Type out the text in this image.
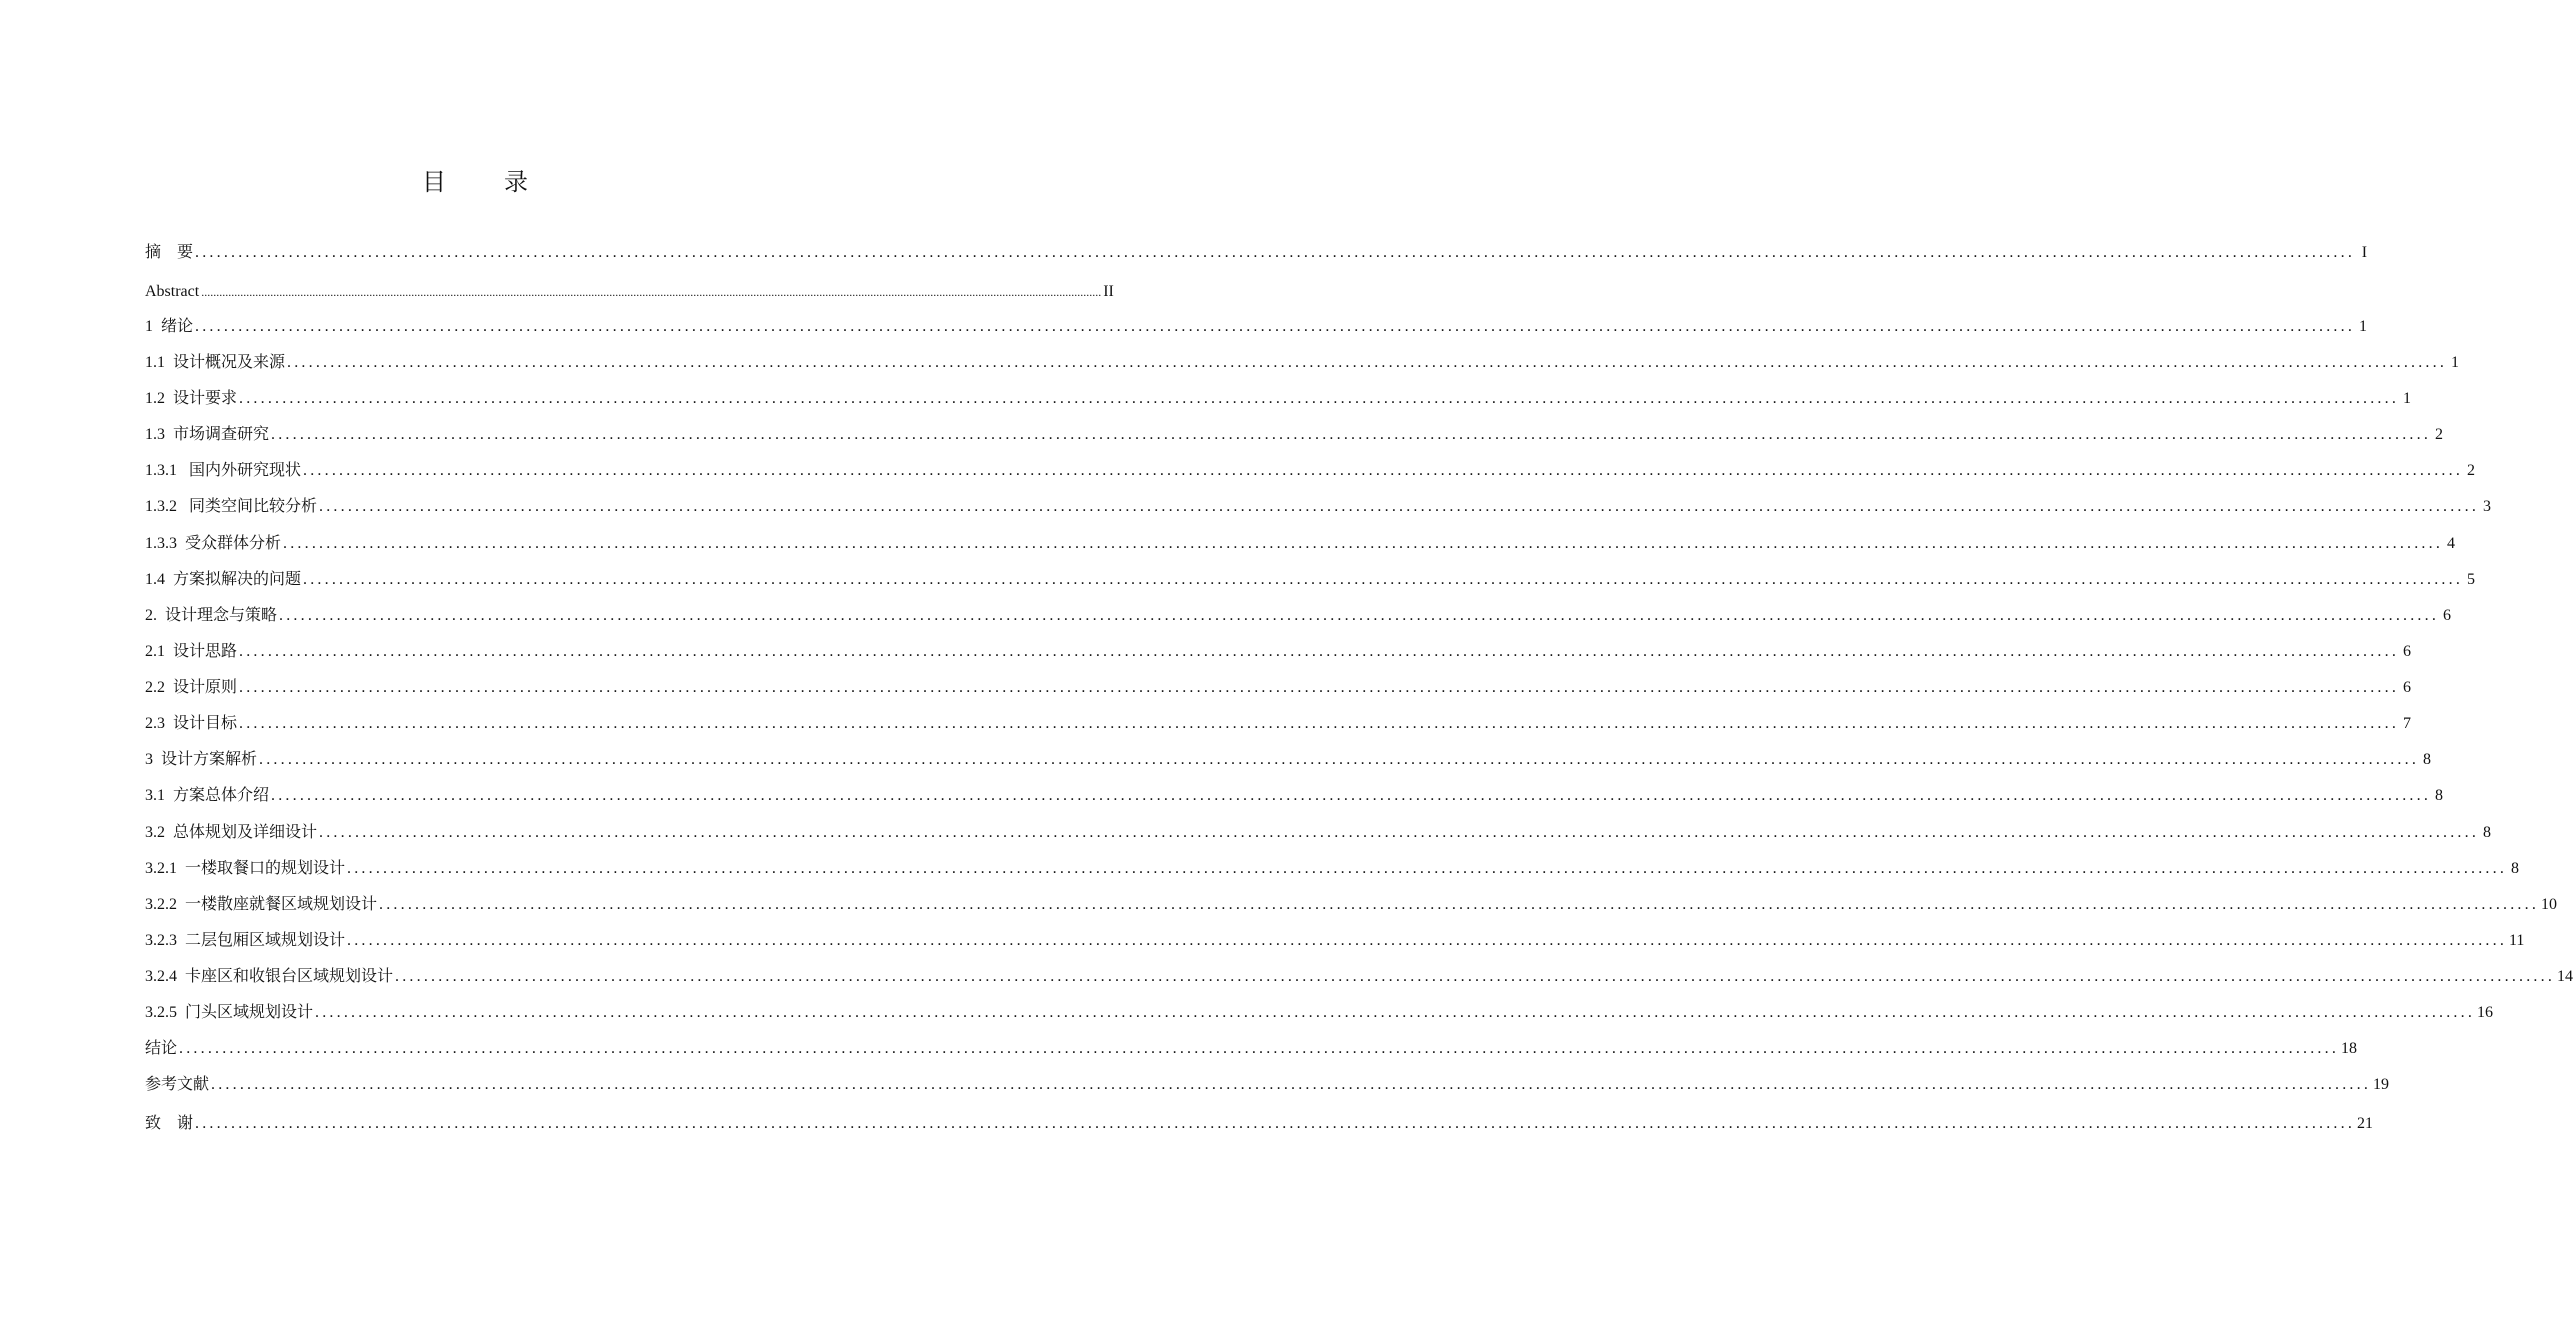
目 录
摘    要 ............................................................................................................................................................................................................................................................................................................ I
Abstract ............................................................................................................................................................................................................................................................................................................ II
1  绪论 ............................................................................................................................................................................................................................................................................................................ 1
1.1  设计概况及来源 ............................................................................................................................................................................................................................................................................................................ 1
1.2  设计要求 ............................................................................................................................................................................................................................................................................................................ 1
1.3  市场调查研究 ............................................................................................................................................................................................................................................................................................................ 2
1.3.1   国内外研究现状 ............................................................................................................................................................................................................................................................................................................ 2
1.3.2   同类空间比较分析 ............................................................................................................................................................................................................................................................................................................ 3
1.3.3  受众群体分析 ............................................................................................................................................................................................................................................................................................................ 4
1.4  方案拟解决的问题 ............................................................................................................................................................................................................................................................................................................ 5
2.  设计理念与策略 ............................................................................................................................................................................................................................................................................................................ 6
2.1  设计思路 ............................................................................................................................................................................................................................................................................................................ 6
2.2  设计原则 ............................................................................................................................................................................................................................................................................................................ 6
2.3  设计目标 ............................................................................................................................................................................................................................................................................................................ 7
3  设计方案解析 ............................................................................................................................................................................................................................................................................................................ 8
3.1  方案总体介绍 ............................................................................................................................................................................................................................................................................................................ 8
3.2  总体规划及详细设计 ............................................................................................................................................................................................................................................................................................................ 8
3.2.1  一楼取餐口的规划设计 ............................................................................................................................................................................................................................................................................................................ 8
3.2.2  一楼散座就餐区域规划设计 ............................................................................................................................................................................................................................................................................................................ 10
3.2.3  二层包厢区域规划设计 ............................................................................................................................................................................................................................................................................................................ 11
3.2.4  卡座区和收银台区域规划设计 ............................................................................................................................................................................................................................................................................................................ 14
3.2.5  门头区域规划设计 ............................................................................................................................................................................................................................................................................................................ 16
结论 ............................................................................................................................................................................................................................................................................................................ 18
参考文献 ............................................................................................................................................................................................................................................................................................................ 19
致    谢 ............................................................................................................................................................................................................................................................................................................ 21
